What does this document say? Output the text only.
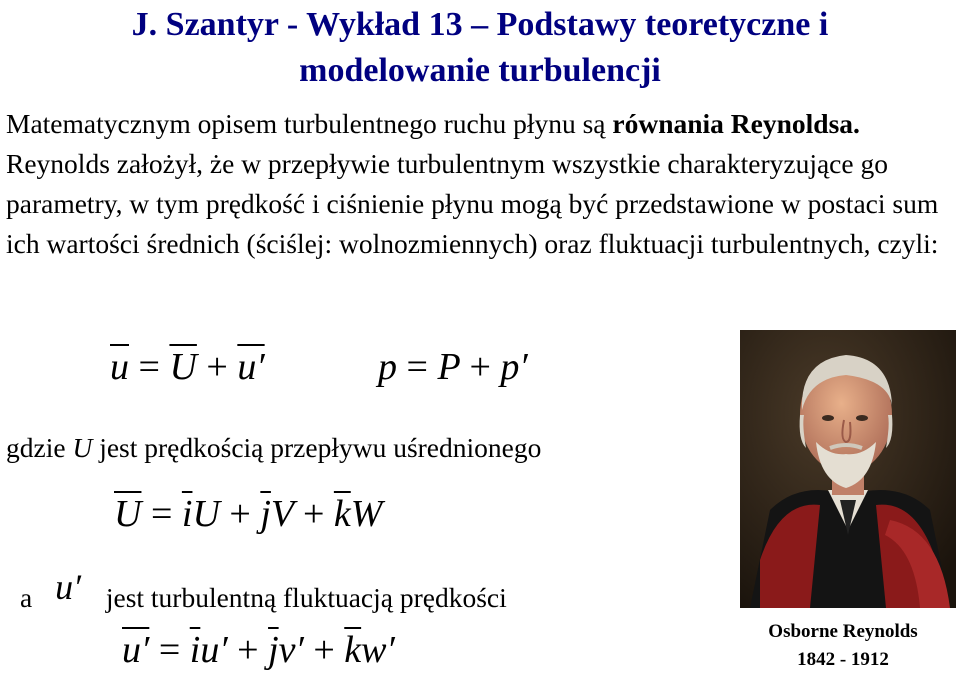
J. Szantyr - Wykład 13 – Podstawy teoretyczne i
modelowanie turbulencji

Matematycznym opisem turbulentnego ruchu płynu są równania Reynoldsa. Reynolds założył, że w przepływie turbulentnym wszystkie charakteryzujące go parametry, w tym prędkość i ciśnienie płynu mogą być przedstawione w postaci sum ich wartości średnich (ściślej: wolnozmiennych) oraz fluktuacji turbulentnych, czyli:

$\overline{u} = \overline{U} + u'$	p = P + p′

gdzie U jest prędkością przepływu uśrednionego

$\overline{U} = \overline{i}U + \overline{j}V + \overline{k}W$

a u′ jest turbulentną fluktuacją prędkości

$u' = \overline{i}u' + \overline{j}v' + \overline{k}w'$	Osborne Reynolds
1842 - 1912
